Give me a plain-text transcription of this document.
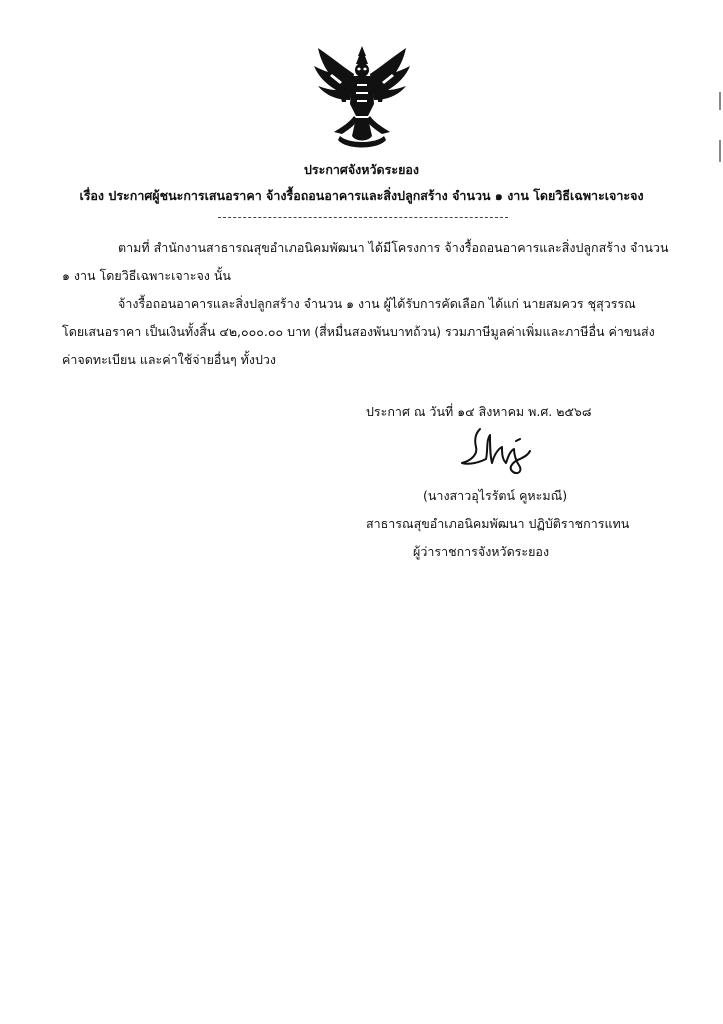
ประกาศจังหวัดระยอง
เรื่อง ประกาศผู้ชนะการเสนอราคา จ้างรื้อถอนอาคารและสิ่งปลูกสร้าง จำนวน ๑ งาน โดยวิธีเฉพาะเจาะจง
ตามที่ สำนักงานสาธารณสุขอำเภอนิคมพัฒนา ได้มีโครงการ จ้างรื้อถอนอาคารและสิ่งปลูกสร้าง จำนวน
๑ งาน โดยวิธีเฉพาะเจาะจง นั้น
จ้างรื้อถอนอาคารและสิ่งปลูกสร้าง จำนวน ๑ งาน ผู้ได้รับการคัดเลือก ได้แก่ นายสมควร ชุสุวรรณ
โดยเสนอราคา เป็นเงินทั้งสิ้น ๔๒,๐๐๐.๐๐ บาท (สี่หมื่นสองพันบาทถ้วน) รวมภาษีมูลค่าเพิ่มและภาษีอื่น ค่าขนส่ง
ค่าจดทะเบียน และค่าใช้จ่ายอื่นๆ ทั้งปวง
ประกาศ ณ วันที่ ๑๔ สิงหาคม พ.ศ. ๒๕๖๘
(นางสาวอุไรรัตน์ คูหะมณี)
สาธารณสุขอำเภอนิคมพัฒนา ปฏิบัติราชการแทน
ผู้ว่าราชการจังหวัดระยอง
